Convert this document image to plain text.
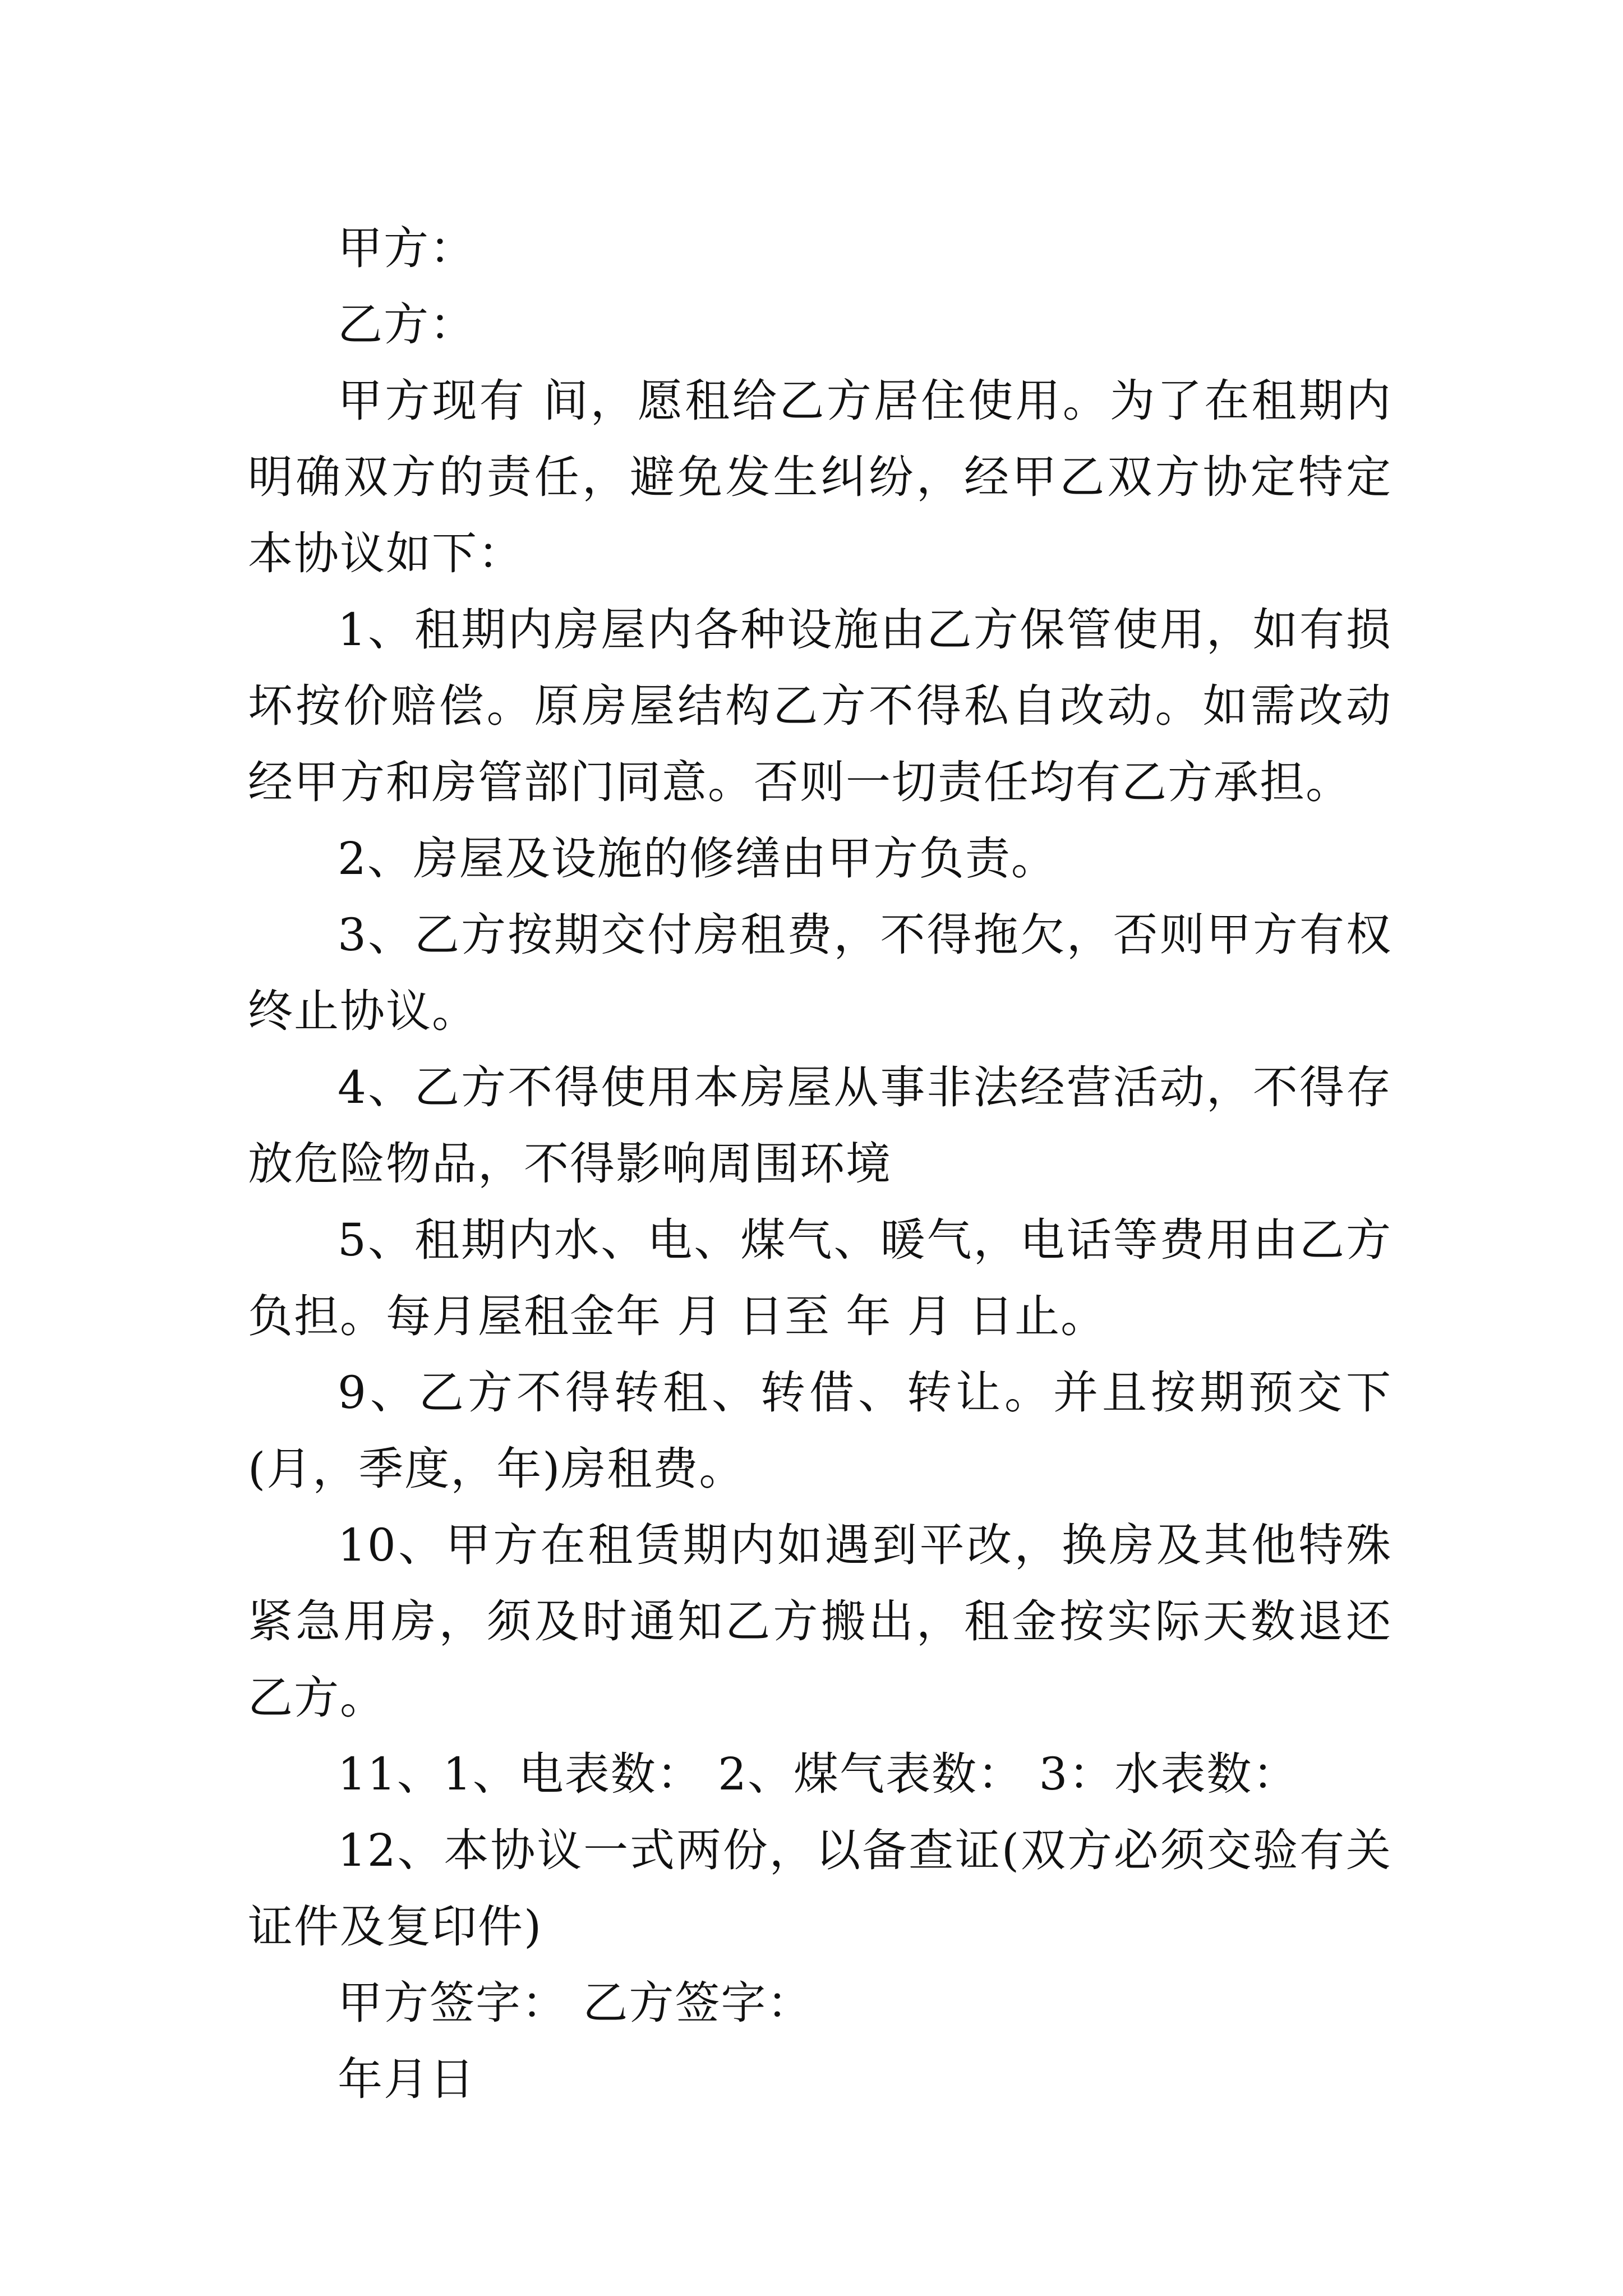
甲方：

乙方：

甲方现有 间，愿租给乙方居住使用。为了在租期内明确双方的责任，避免发生纠纷，经甲乙双方协定特定本协议如下：

1、租期内房屋内各种设施由乙方保管使用，如有损坏按价赔偿。原房屋结构乙方不得私自改动。如需改动经甲方和房管部门同意。否则一切责任均有乙方承担。

2、房屋及设施的修缮由甲方负责。

3、乙方按期交付房租费，不得拖欠，否则甲方有权终止协议。

4、乙方不得使用本房屋从事非法经营活动，不得存放危险物品，不得影响周围环境

5、租期内水、电、煤气、暖气，电话等费用由乙方负担。每月屋租金年 月 日至 年 月 日止。

9、乙方不得转租、转借、转让。并且按期预交下(月，季度，年)房租费。

10、甲方在租赁期内如遇到平改，换房及其他特殊紧急用房，须及时通知乙方搬出，租金按实际天数退还乙方。

11、1、电表数： 2、煤气表数： 3：水表数：

12、本协议一式两份，以备查证(双方必须交验有关证件及复印件)

甲方签字： 乙方签字：

年月日
